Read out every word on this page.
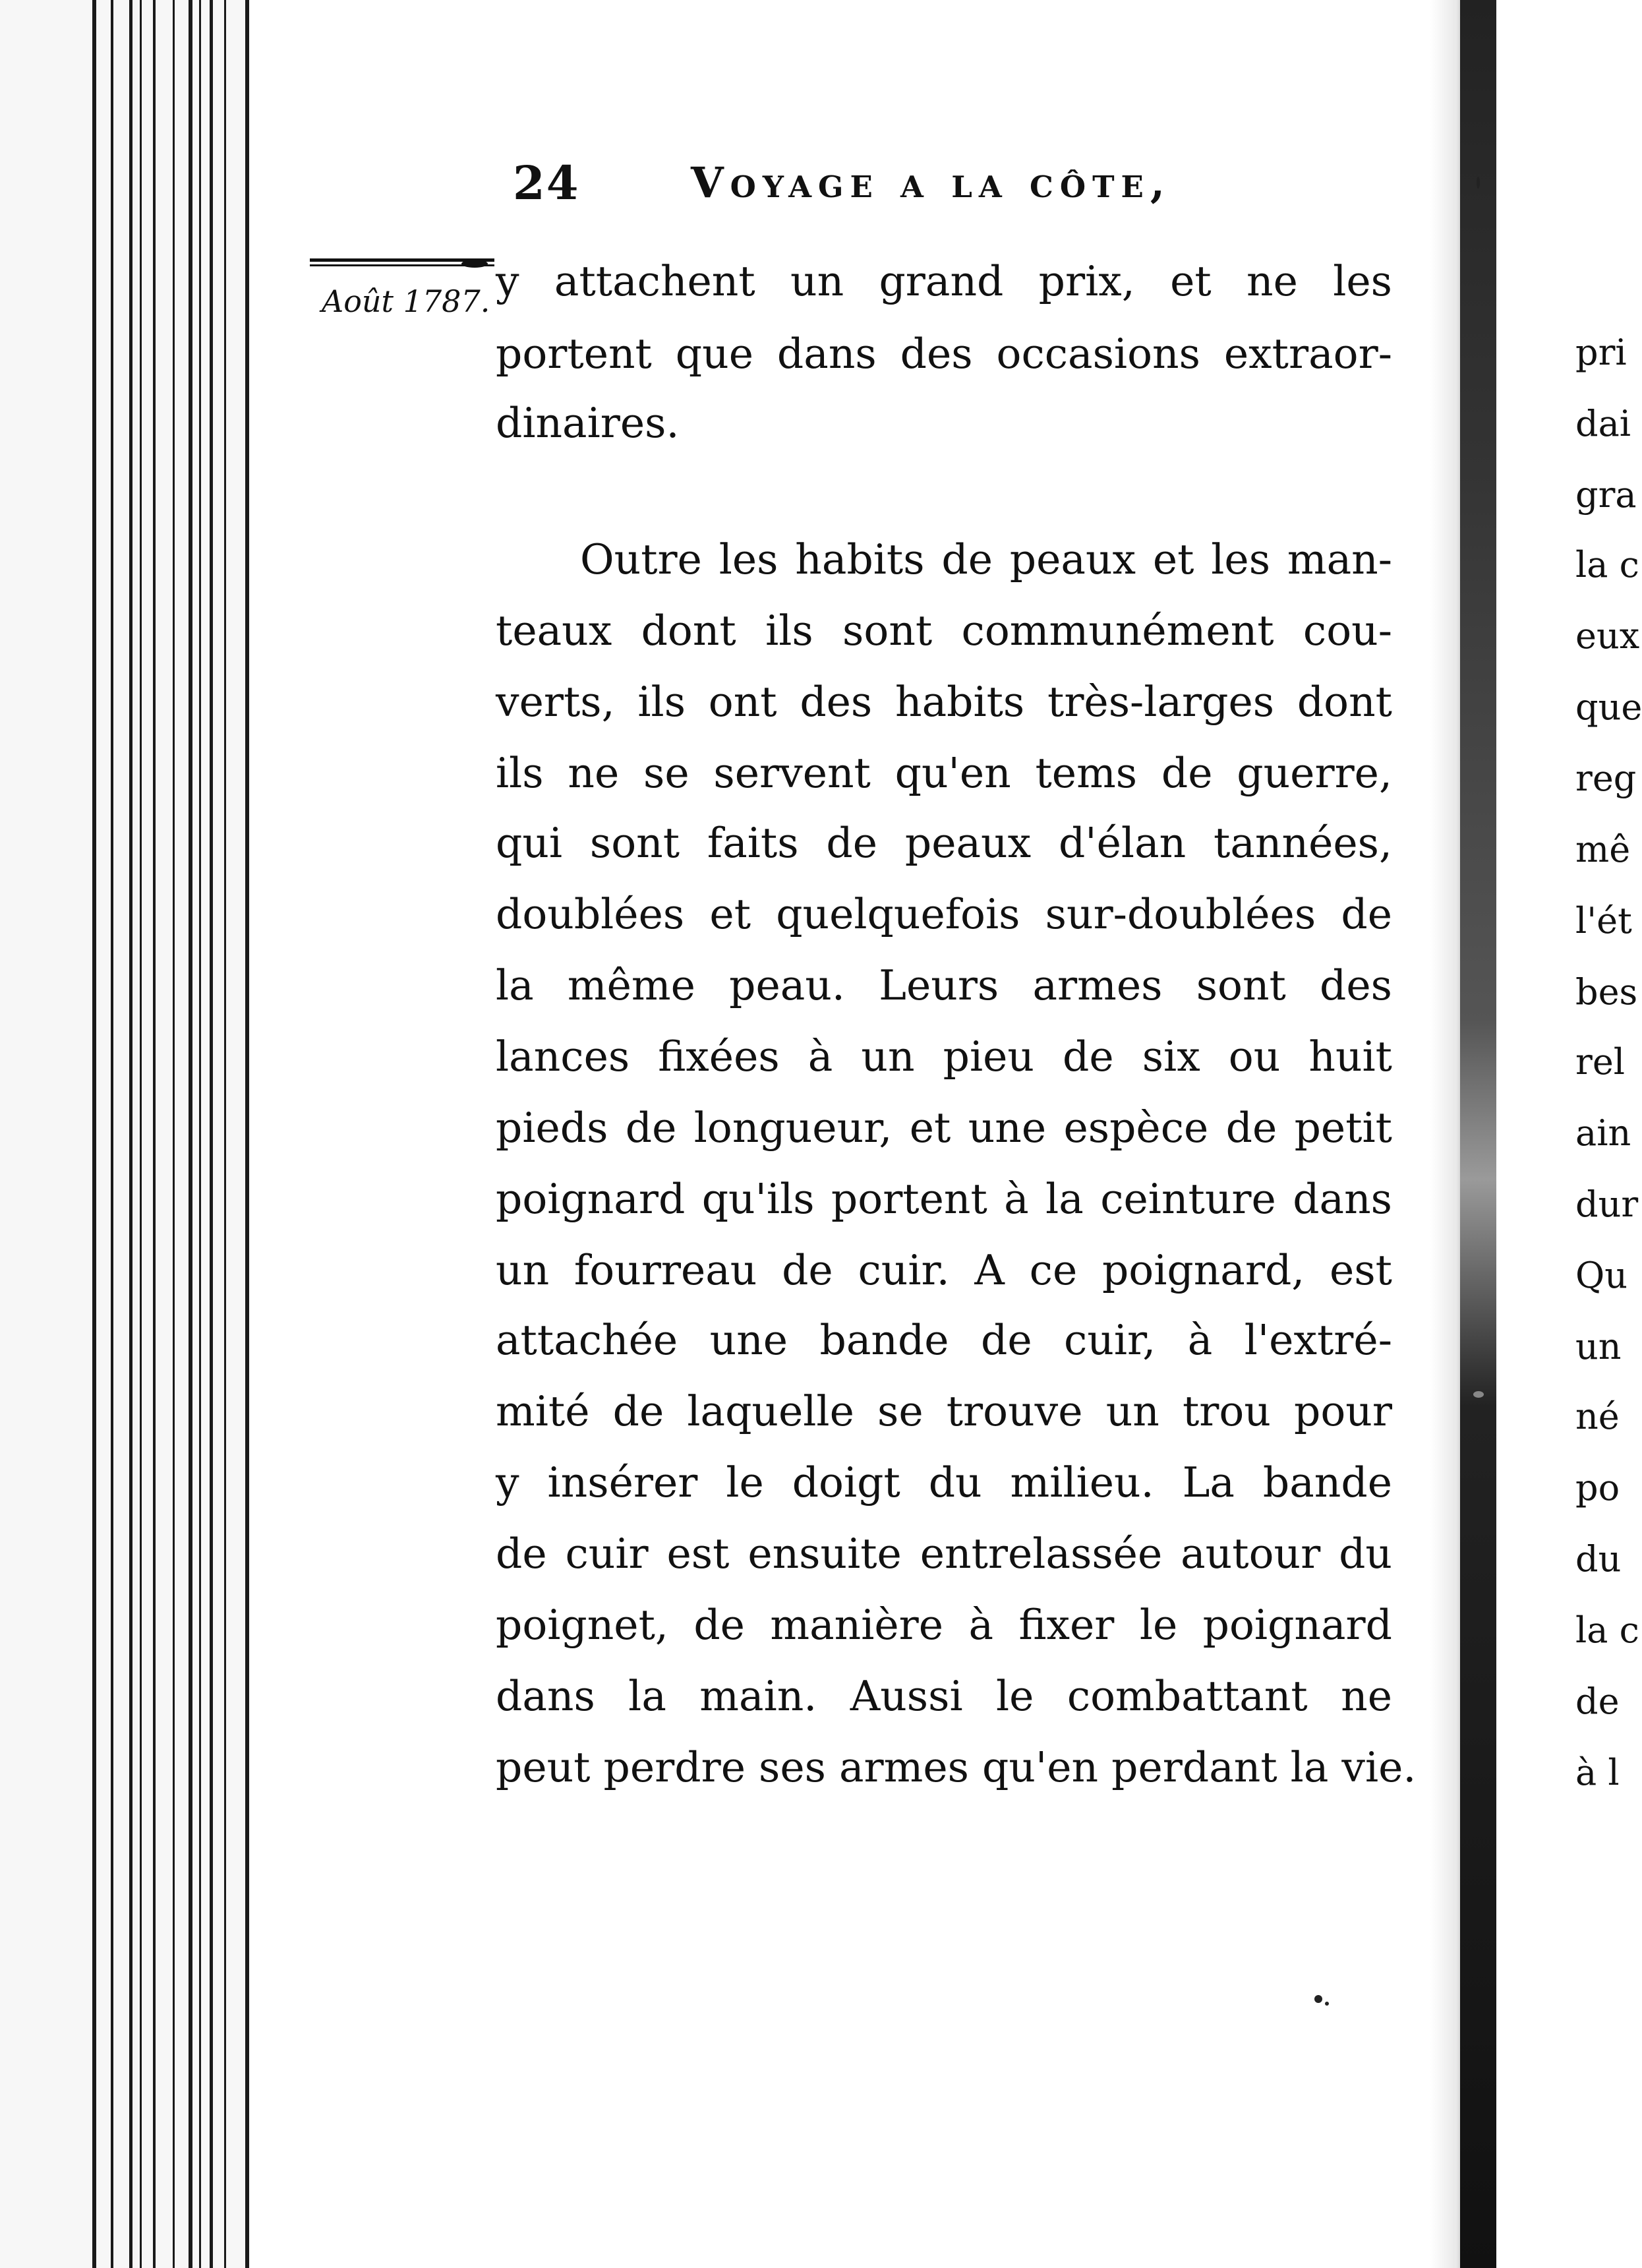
24	Voyage a la côte,
Août 1787. y attachent un grand prix, et ne les
portent que dans des occasions extraor-
dinaires.
Outre les habits de peaux et les man-
teaux dont ils sont communément cou-
verts, ils ont des habits très-larges dont
ils ne se servent qu'en tems de guerre,
qui sont faits de peaux d'élan tannées,
doublées et quelquefois sur-doublées de
la même peau. Leurs armes sont des
lances fixées à un pieu de six ou huit
pieds de longueur, et une espèce de petit
poignard qu'ils portent à la ceinture dans
un fourreau de cuir. A ce poignard, est
attachée une bande de cuir, à l'extré-
mité de laquelle se trouve un trou pour
y insérer le doigt du milieu. La bande
de cuir est ensuite entrelassée autour du
poignet, de manière à fixer le poignard
dans la main. Aussi le combattant ne
peut perdre ses armes qu'en perdant la vie.
pri
dai
gra
la c
eux
que
reg
mê
l'ét
bes
rel
ain
dur
Qu
un
né
po
du
la c
de
à l
